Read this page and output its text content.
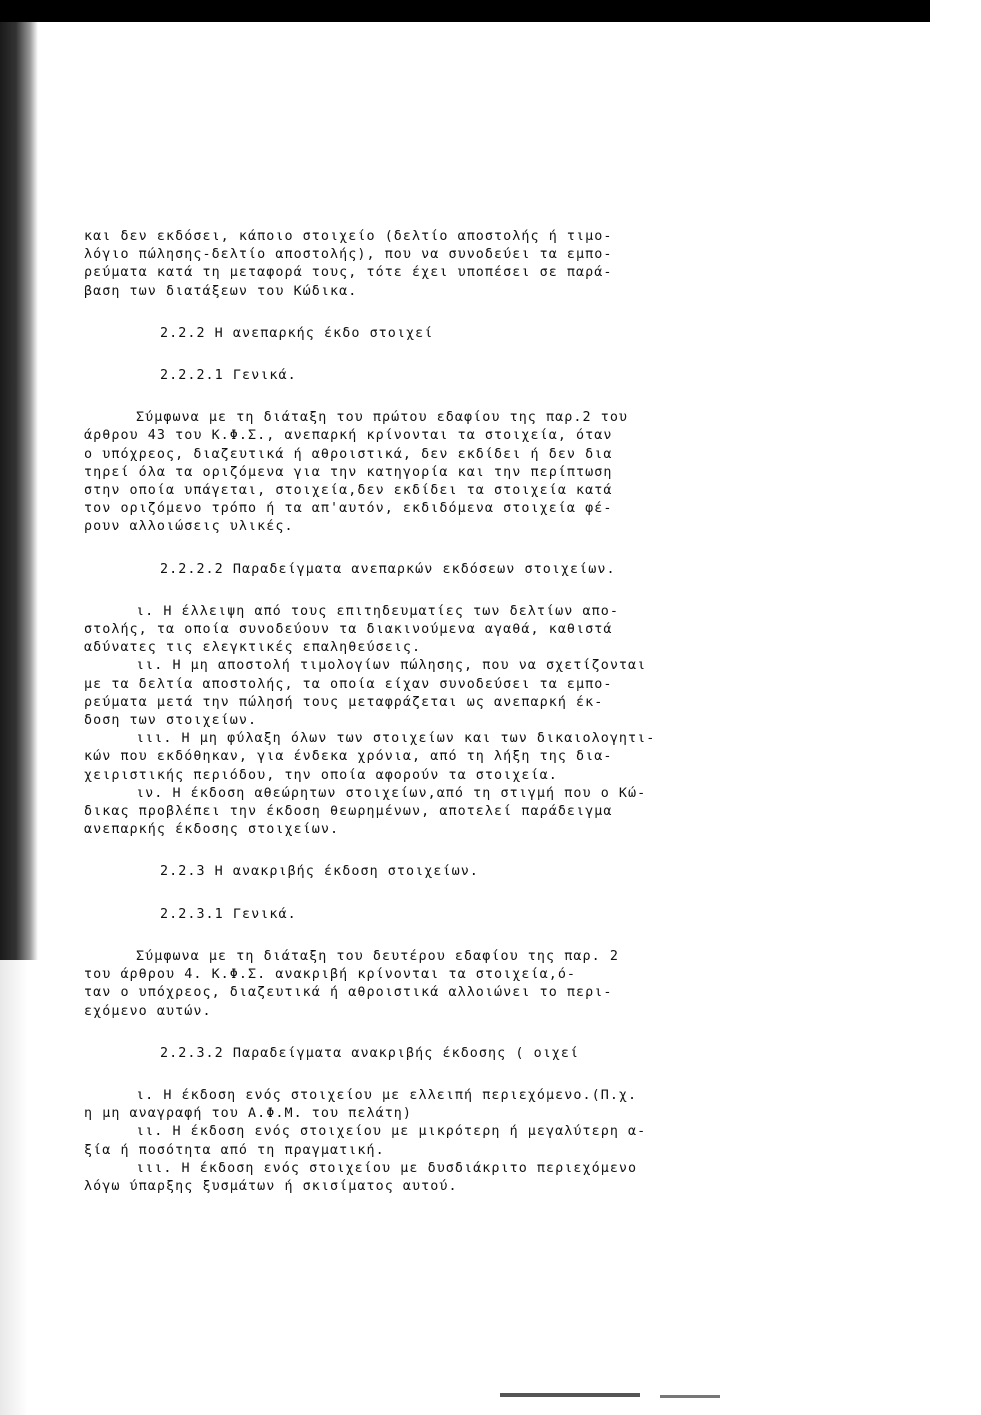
και δεν εκδόσει, κάποιο στοιχείο (δελτίο αποστολής ή τιμο-
λόγιο πώλησης-δελτίο αποστολής), που να συνοδεύει τα εμπο-
ρεύματα κατά τη μεταφορά τους, τότε έχει υποπέσει σε παρά-
βαση των διατάξεων του Κώδικα.

2.2.2 Η ανεπαρκής έκδο στοιχεί

2.2.2.1 Γενικά.

Σύμφωνα με τη διάταξη του πρώτου εδαφίου της παρ.2 του
άρθρου 43 του Κ.Φ.Σ., ανεπαρκή κρίνονται τα στοιχεία, όταν
ο υπόχρεος, διαζευτικά ή αθροιστικά, δεν εκδίδει ή δεν δια
τηρεί όλα τα οριζόμενα για την κατηγορία και την περίπτωση
στην οποία υπάγεται, στοιχεία,δεν εκδίδει τα στοιχεία κατά
τον οριζόμενο τρόπο ή τα απ'αυτόν, εκδιδόμενα στοιχεία φέ-
ρουν αλλοιώσεις υλικές.

2.2.2.2 Παραδείγματα ανεπαρκών εκδόσεων στοιχείων.

ι. Η έλλειψη από τους επιτηδευματίες των δελτίων απο-
στολής, τα οποία συνοδεύουν τα διακινούμενα αγαθά, καθιστά
αδύνατες τις ελεγκτικές επαληθεύσεις.
ιι. Η μη αποστολή τιμολογίων πώλησης, που να σχετίζονται
με τα δελτία αποστολής, τα οποία είχαν συνοδεύσει τα εμπο-
ρεύματα μετά την πώλησή τους μεταφράζεται ως ανεπαρκή έκ-
δοση των στοιχείων.
ιιι. Η μη φύλαξη όλων των στοιχείων και των δικαιολογητι-
κών που εκδόθηκαν, για ένδεκα χρόνια, από τη λήξη της δια-
χειριστικής περιόδου, την οποία αφορούν τα στοιχεία.
ιν. Η έκδοση αθεώρητων στοιχείων,από τη στιγμή που ο Κώ-
δικας προβλέπει την έκδοση θεωρημένων, αποτελεί παράδειγμα
ανεπαρκής έκδοσης στοιχείων.

2.2.3 Η ανακριβής έκδοση στοιχείων.

2.2.3.1 Γενικά.

Σύμφωνα με τη διάταξη του δευτέρου εδαφίου της παρ. 2
του άρθρου 4. Κ.Φ.Σ. ανακριβή κρίνονται τα στοιχεία,ό-
ταν ο υπόχρεος, διαζευτικά ή αθροιστικά αλλοιώνει το περι-
εχόμενο αυτών.

2.2.3.2 Παραδείγματα ανακριβής έκδοσης ( οιχεί

ι. Η έκδοση ενός στοιχείου με ελλειπή περιεχόμενο.(Π.χ.
η μη αναγραφή του Α.Φ.Μ. του πελάτη)
ιι. Η έκδοση ενός στοιχείου με μικρότερη ή μεγαλύτερη α-
ξία ή ποσότητα από τη πραγματική.
ιιι. Η έκδοση ενός στοιχείου με δυσδιάκριτο περιεχόμενο
λόγω ύπαρξης ξυσμάτων ή σκισίματος αυτού.
